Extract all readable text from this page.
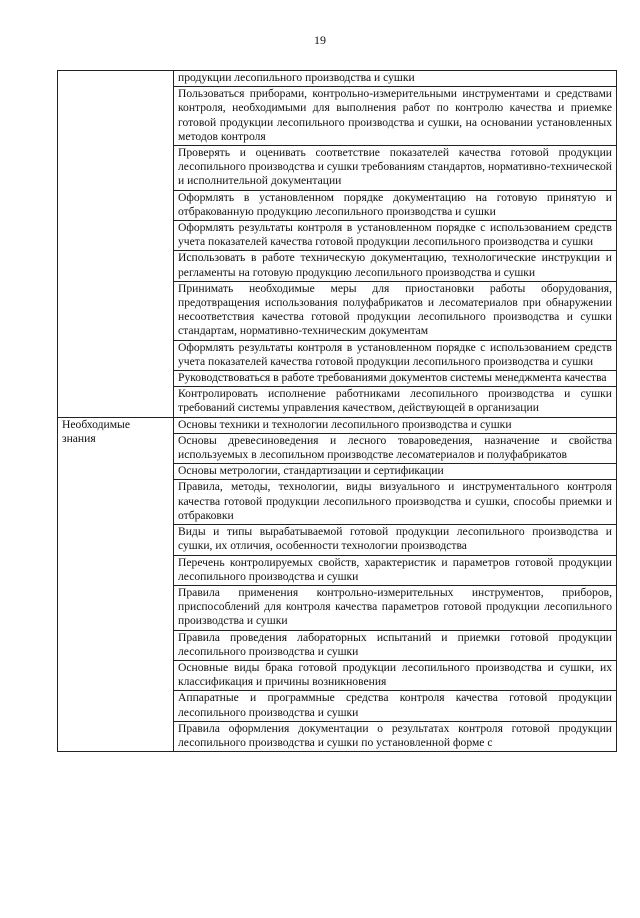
19
	продукции лесопильного производства и сушки
	Пользоваться приборами, контрольно-измерительными инструментами и средствами контроля, необходимыми для выполнения работ по контролю качества и приемке готовой продукции лесопильного производства и сушки, на основании установленных методов контроля
	Проверять и оценивать соответствие показателей качества готовой продукции лесопильного производства и сушки требованиям стандартов, нормативно-технической и исполнительной документации
	Оформлять в установленном порядке документацию на готовую принятую и отбракованную продукцию лесопильного производства и сушки
	Оформлять результаты контроля в установленном порядке с использованием средств учета показателей качества готовой продукции лесопильного производства и сушки
	Использовать в работе техническую документацию, технологические инструкции и регламенты на готовую продукцию лесопильного производства и сушки
	Принимать необходимые меры для приостановки работы оборудования, предотвращения использования полуфабрикатов и лесоматериалов при обнаружении несоответствия качества готовой продукции лесопильного производства и сушки стандартам, нормативно-техническим документам
	Оформлять результаты контроля в установленном порядке с использованием средств учета показателей качества готовой продукции лесопильного производства и сушки
	Руководствоваться в работе требованиями документов системы менеджмента качества
	Контролировать исполнение работниками лесопильного производства и сушки требований системы управления качеством, действующей в организации

Необходимые
знания	Основы техники и технологии лесопильного производства и сушки
	Основы древесиноведения и лесного товароведения, назначение и свойства используемых в лесопильном производстве лесоматериалов и полуфабрикатов
	Основы метрологии, стандартизации и сертификации
	Правила, методы, технологии, виды визуального и инструментального контроля качества готовой продукции лесопильного производства и сушки, способы приемки и отбраковки
	Виды и типы вырабатываемой готовой продукции лесопильного производства и сушки, их отличия, особенности технологии производства
	Перечень контролируемых свойств, характеристик и параметров готовой продукции лесопильного производства и сушки
	Правила применения контрольно-измерительных инструментов, приборов, приспособлений для контроля качества параметров готовой продукции лесопильного производства и сушки
	Правила проведения лабораторных испытаний и приемки готовой продукции лесопильного производства и сушки
	Основные виды брака готовой продукции лесопильного производства и сушки, их классификация и причины возникновения
	Аппаратные и программные средства контроля качества готовой продукции лесопильного производства и сушки
	Правила оформления документации о результатах контроля готовой продукции лесопильного производства и сушки по установленной форме с
